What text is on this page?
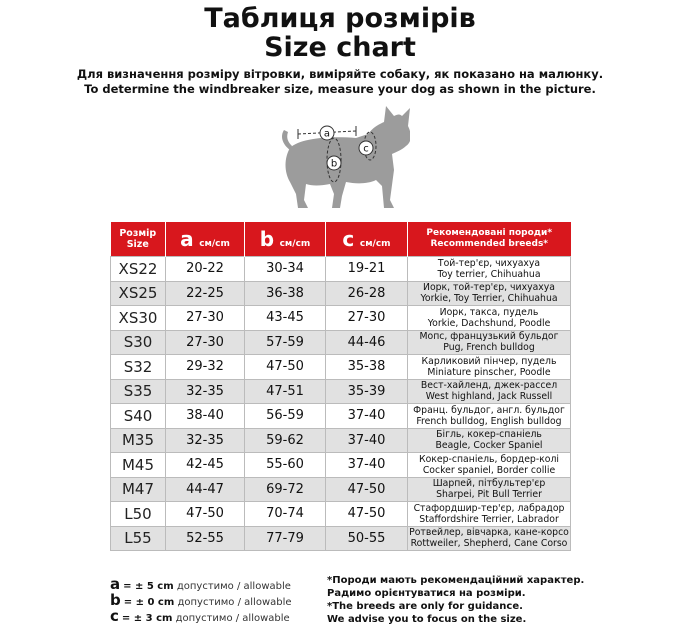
Таблиця розмірів
Size chart
Для визначення розміру вітровки, виміряйте собаку, як показано на малюнку.
To determine the windbreaker size, measure your dog as shown in the picture.
a
b
c
Розмір
Size	a см/cm	b см/cm	c см/cm	Рекомендовані породи*
Recommended breeds*

XS22	20-22	30-34	19-21	Той-тер'єр, чихуахуа
Toy terrier, Chihuahua

XS25	22-25	36-38	26-28	Йорк, той-тер'єр, чихуахуа
Yorkie, Toy Terrier, Chihuahua

XS30	27-30	43-45	27-30	Йорк, такса, пудель
Yorkie, Dachshund, Poodle

S30	27-30	57-59	44-46	Мопс, французький бульдог
Pug, French bulldog

S32	29-32	47-50	35-38	Карликовий пінчер, пудель
Miniature pinscher, Poodle

S35	32-35	47-51	35-39	Вест-хайленд, джек-рассел
West highland, Jack Russell

S40	38-40	56-59	37-40	Франц. бульдог, англ. бульдог
French bulldog, English bulldog

M35	32-35	59-62	37-40	Бігль, кокер-спаніель
Beagle, Cocker Spaniel

M45	42-45	55-60	37-40	Кокер-спаніель, бордер-колі
Cocker spaniel, Border collie

M47	44-47	69-72	47-50	Шарпей, пітбультер'єр
Sharpei, Pit Bull Terrier

L50	47-50	70-74	47-50	Стафордшир-тер'єр, лабрадор
Staffordshire Terrier, Labrador

L55	52-55	77-79	50-55	Ротвейлер, вівчарка, кане-корсо
Rottweiler, Shepherd, Cane Corso
a = ± 5 cm допустимо / allowable
b = ± 0 cm допустимо / allowable
c = ± 3 cm допустимо / allowable
*Породи мають рекомендаційний характер.
Радимо орієнтуватися на розміри.
*The breeds are only for guidance.
We advise you to focus on the size.
